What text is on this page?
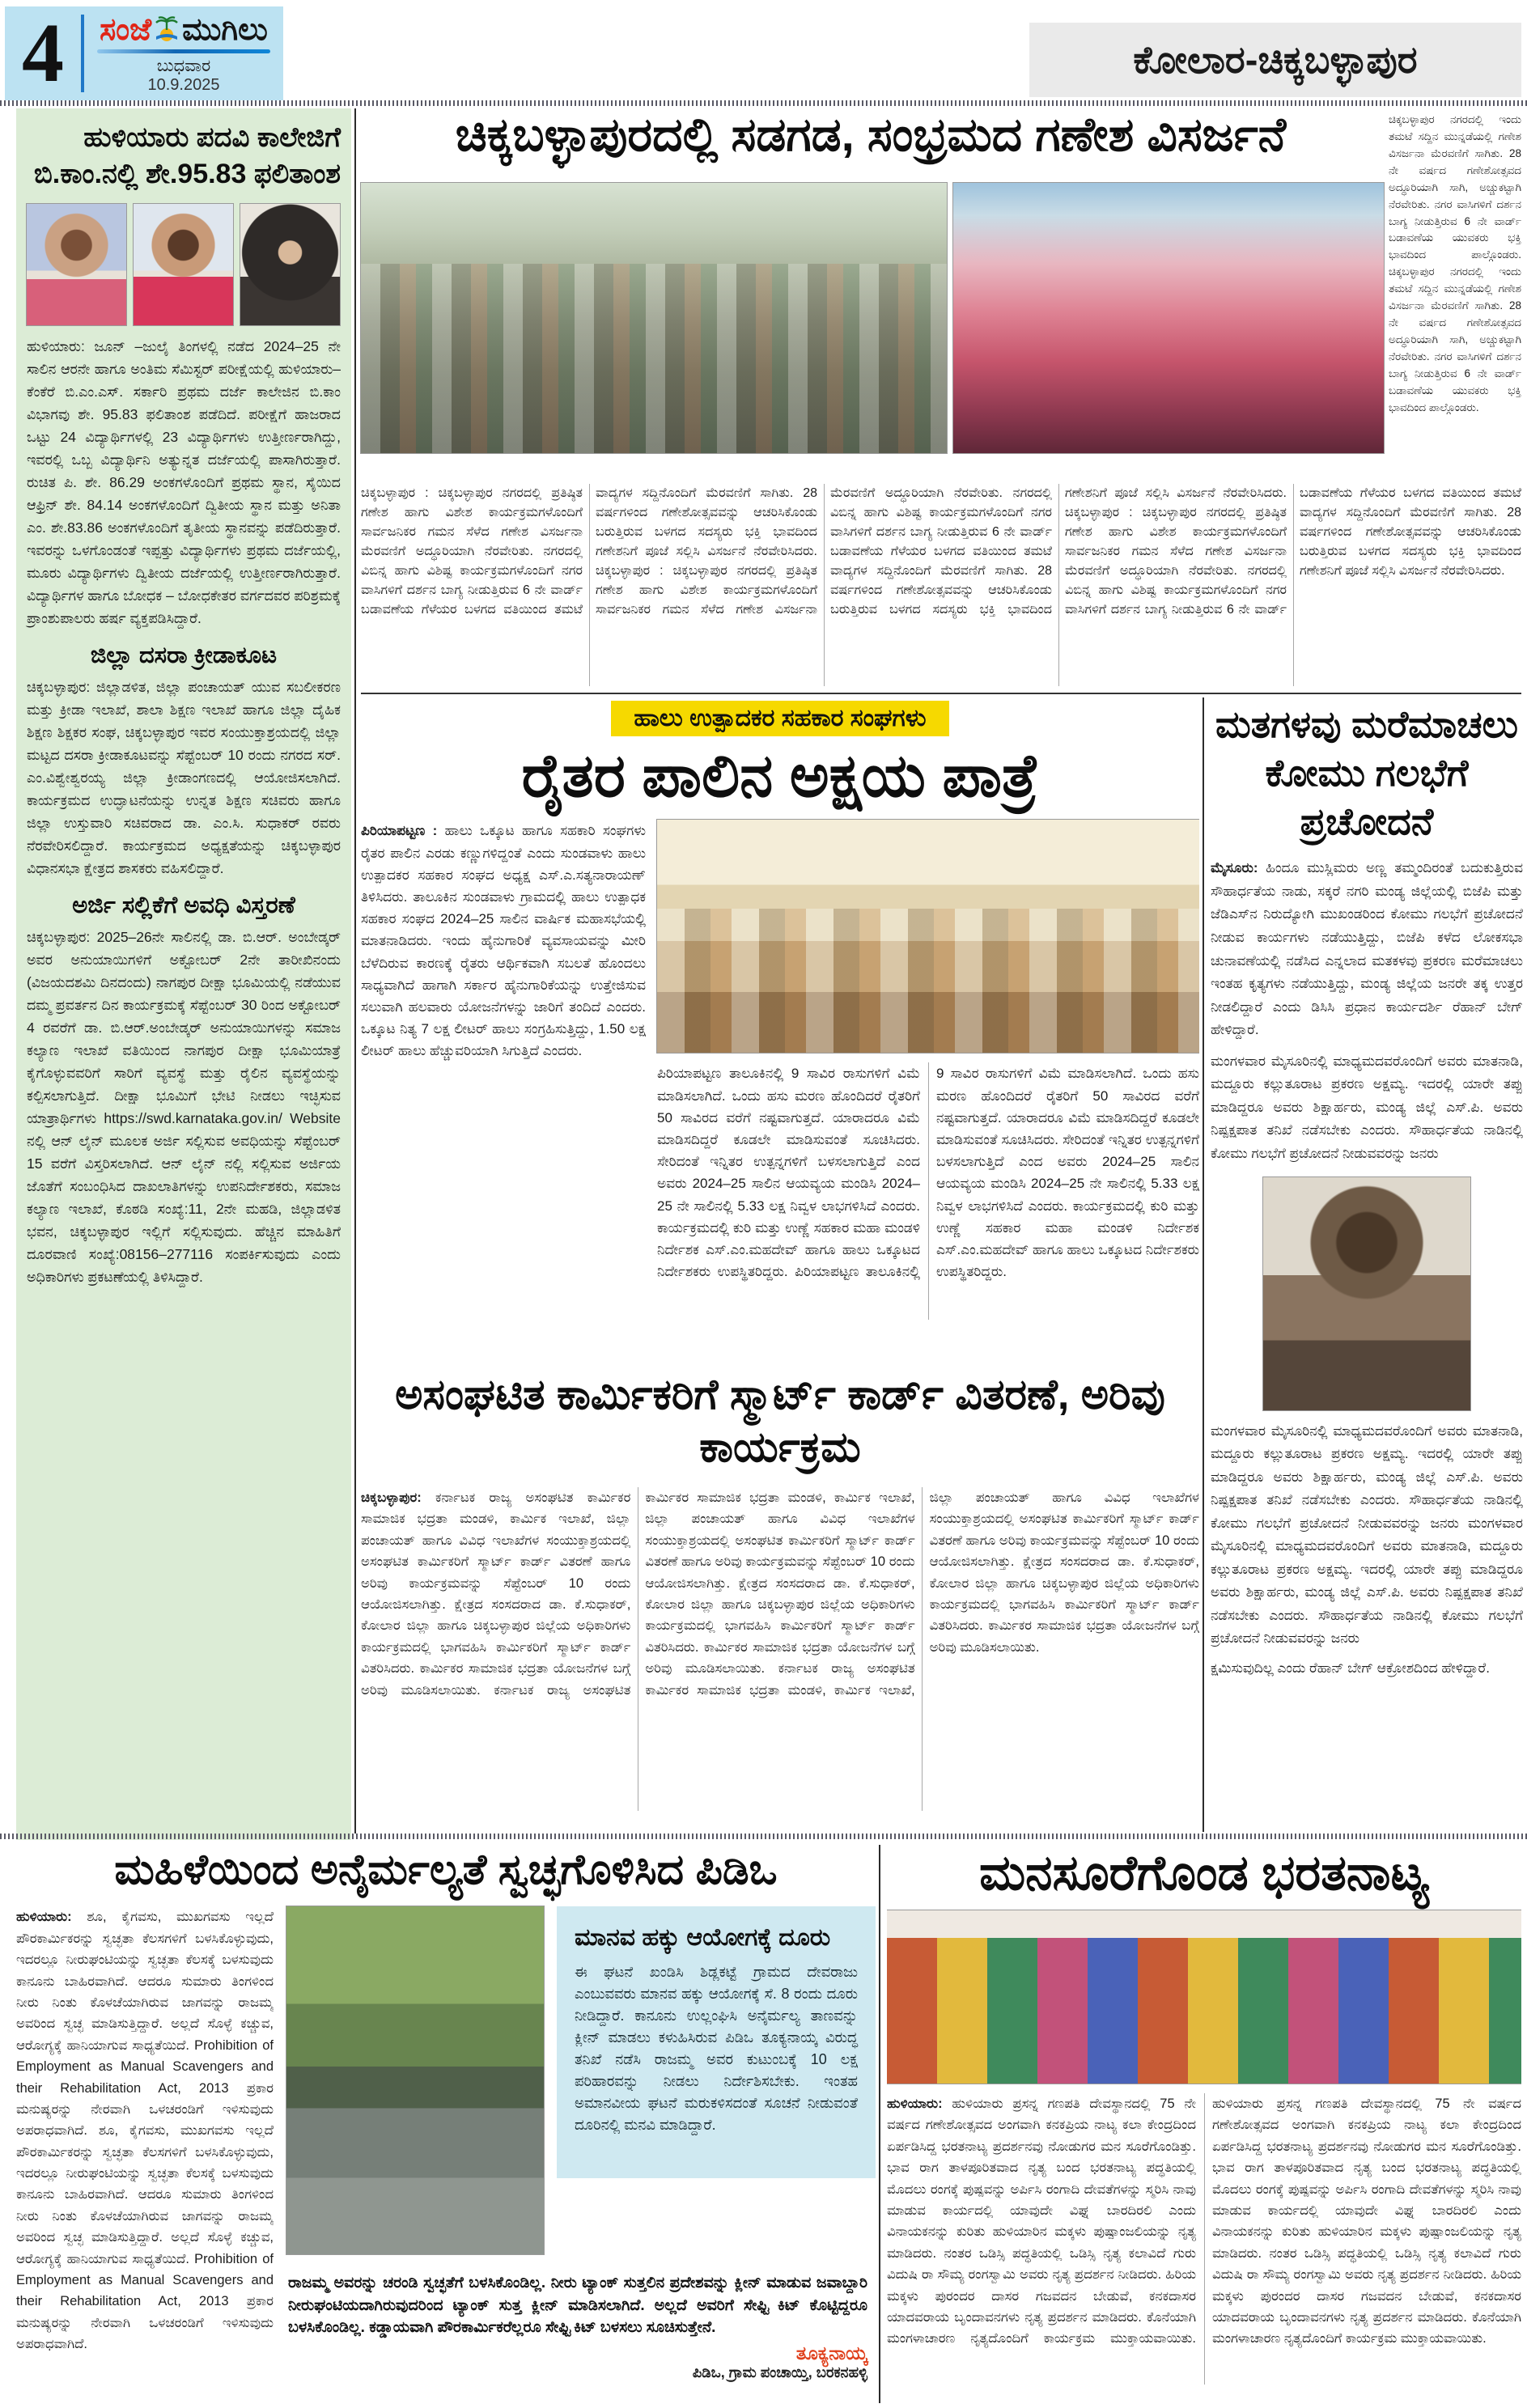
4 ಸಂಜೆ ಮುಗಿಲು
ಬುಧವಾರ
10.9.2025
ಕೋಲಾರ-ಚಿಕ್ಕಬಳ್ಳಾಪುರ
ಹುಳಿಯಾರು ಪದವಿ ಕಾಲೇಜಿಗೆ ಬಿ.ಕಾಂ.ನಲ್ಲಿ ಶೇ.95.83 ಫಲಿತಾಂಶ

ಹುಳಿಯಾರು: ಜೂನ್ –ಜುಲೈ ತಿಂಗಳಲ್ಲಿ ನಡೆದ 2024–25 ನೇ ಸಾಲಿನ ಆರನೇ ಹಾಗೂ ಅಂತಿಮ ಸೆಮಿಸ್ಟರ್ ಪರೀಕ್ಷೆಯಲ್ಲಿ ಹುಳಿಯಾರು–ಕೆಂಕೆರೆ ಬಿ.ಎಂ.ಎಸ್. ಸರ್ಕಾರಿ ಪ್ರಥಮ ದರ್ಜೆ ಕಾಲೇಜಿನ ಬಿ.ಕಾಂ ವಿಭಾಗವು ಶೇ. 95.83 ಫಲಿತಾಂಶ ಪಡೆದಿದೆ. ಪರೀಕ್ಷೆಗೆ ಹಾಜರಾದ ಒಟ್ಟು 24 ವಿದ್ಯಾರ್ಥಿಗಳಲ್ಲಿ 23 ವಿದ್ಯಾರ್ಥಿಗಳು ಉತ್ತೀರ್ಣರಾಗಿದ್ದು, ಇವರಲ್ಲಿ ಒಬ್ಬ ವಿದ್ಯಾರ್ಥಿನಿ ಅತ್ಯುನ್ನತ ದರ್ಜೆಯಲ್ಲಿ ಪಾಸಾಗಿರುತ್ತಾರೆ. ರುಚಿತ ಪಿ. ಶೇ. 86.29 ಅಂಕಗಳೊಂದಿಗೆ ಪ್ರಥಮ ಸ್ಥಾನ, ಸೈಯಿದ ಆಫ್ರಿನ್ ಶೇ. 84.14 ಅಂಕಗಳೊಂದಿಗೆ ದ್ವಿತೀಯ ಸ್ಥಾನ ಮತ್ತು ಅನಿತಾ ಎಂ. ಶೇ.83.86 ಅಂಕಗಳೊಂದಿಗೆ ತೃತೀಯ ಸ್ಥಾನವನ್ನು ಪಡೆದಿರುತ್ತಾರೆ. ಇವರನ್ನು ಒಳಗೊಂಡಂತೆ ಇಪ್ಪತ್ತು ವಿದ್ಯಾರ್ಥಿಗಳು ಪ್ರಥಮ ದರ್ಜೆಯಲ್ಲಿ, ಮೂರು ವಿದ್ಯಾರ್ಥಿಗಳು ದ್ವಿತೀಯ ದರ್ಜೆಯಲ್ಲಿ ಉತ್ತೀರ್ಣರಾಗಿರುತ್ತಾರೆ. ವಿದ್ಯಾರ್ಥಿಗಳ ಹಾಗೂ ಬೋಧಕ – ಬೋಧಕೇತರ ವರ್ಗದವರ ಪರಿಶ್ರಮಕ್ಕೆ ಪ್ರಾಂಶುಪಾಲರು ಹರ್ಷ ವ್ಯಕ್ತಪಡಿಸಿದ್ದಾರೆ.

ಜಿಲ್ಲಾ ದಸರಾ ಕ್ರೀಡಾಕೂಟ

ಚಿಕ್ಕಬಳ್ಳಾಪುರ: ಜಿಲ್ಲಾಡಳಿತ, ಜಿಲ್ಲಾ ಪಂಚಾಯತ್ ಯುವ ಸಬಲೀಕರಣ ಮತ್ತು ಕ್ರೀಡಾ ಇಲಾಖೆ, ಶಾಲಾ ಶಿಕ್ಷಣ ಇಲಾಖೆ ಹಾಗೂ ಜಿಲ್ಲಾ ದೈಹಿಕ ಶಿಕ್ಷಣ ಶಿಕ್ಷಕರ ಸಂಘ, ಚಿಕ್ಕಬಳ್ಳಾಪುರ ಇವರ ಸಂಯುಕ್ತಾಶ್ರಯದಲ್ಲಿ ಜಿಲ್ಲಾ ಮಟ್ಟದ ದಸರಾ ಕ್ರೀಡಾಕೂಟವನ್ನು ಸೆಪ್ಟೆಂಬರ್ 10 ರಂದು ನಗರದ ಸರ್. ಎಂ.ವಿಶ್ವೇಶ್ವರಯ್ಯ ಜಿಲ್ಲಾ ಕ್ರೀಡಾಂಗಣದಲ್ಲಿ ಆಯೋಜಿಸಲಾಗಿದೆ. ಕಾರ್ಯಕ್ರಮದ ಉದ್ಘಾಟನೆಯನ್ನು ಉನ್ನತ ಶಿಕ್ಷಣ ಸಚಿವರು ಹಾಗೂ ಜಿಲ್ಲಾ ಉಸ್ತುವಾರಿ ಸಚಿವರಾದ ಡಾ. ಎಂ.ಸಿ. ಸುಧಾಕರ್ ರವರು ನೆರವೇರಿಸಲಿದ್ದಾರೆ. ಕಾರ್ಯಕ್ರಮದ ಅಧ್ಯಕ್ಷತೆಯನ್ನು ಚಿಕ್ಕಬಳ್ಳಾಪುರ ವಿಧಾನಸಭಾ ಕ್ಷೇತ್ರದ ಶಾಸಕರು ವಹಿಸಲಿದ್ದಾರೆ.

ಅರ್ಜಿ ಸಲ್ಲಿಕೆಗೆ ಅವಧಿ ವಿಸ್ತರಣೆ

ಚಿಕ್ಕಬಳ್ಳಾಪುರ: 2025–26ನೇ ಸಾಲಿನಲ್ಲಿ ಡಾ. ಬಿ.ಆರ್. ಅಂಬೇಡ್ಕರ್ ಅವರ ಅನುಯಾಯಿಗಳಿಗೆ ಅಕ್ಟೋಬರ್ 2ನೇ ತಾರೀಖಿನಂದು (ವಿಜಯದಶಮಿ ದಿನದಂದು) ನಾಗಪುರ ದೀಕ್ಷಾ ಭೂಮಿಯಲ್ಲಿ ನಡೆಯುವ ದಮ್ಮ ಪ್ರವರ್ತನ ದಿನ ಕಾರ್ಯಕ್ರಮಕ್ಕೆ ಸೆಪ್ಟೆಂಬರ್ 30 ರಿಂದ ಅಕ್ಟೋಬರ್ 4 ರವರೆಗೆ ಡಾ. ಬಿ.ಆರ್.ಅಂಬೇಡ್ಕರ್ ಅನುಯಾಯಿಗಳನ್ನು ಸಮಾಜ ಕಲ್ಯಾಣ ಇಲಾಖೆ ವತಿಯಿಂದ ನಾಗಪುರ ದೀಕ್ಷಾ ಭೂಮಿಯಾತ್ರೆ ಕೈಗೊಳ್ಳುವವರಿಗೆ ಸಾರಿಗೆ ವ್ಯವಸ್ಥೆ ಮತ್ತು ರೈಲಿನ ವ್ಯವಸ್ಥೆಯನ್ನು ಕಲ್ಪಿಸಲಾಗುತ್ತಿದೆ. ದೀಕ್ಷಾ ಭೂಮಿಗೆ ಭೇಟಿ ನೀಡಲು ಇಚ್ಛಿಸುವ ಯಾತ್ರಾರ್ಥಿಗಳು https://swd.karnataka.gov.in/ Website ನಲ್ಲಿ ಆನ್ ಲೈನ್ ಮೂಲಕ ಅರ್ಜಿ ಸಲ್ಲಿಸುವ ಅವಧಿಯನ್ನು ಸೆಪ್ಟೆಂಬರ್ 15 ವರೆಗೆ ವಿಸ್ತರಿಸಲಾಗಿದೆ. ಆನ್ ಲೈನ್ ನಲ್ಲಿ ಸಲ್ಲಿಸುವ ಅರ್ಜಿಯ ಜೊತೆಗೆ ಸಂಬಂಧಿಸಿದ ದಾಖಲಾತಿಗಳನ್ನು ಉಪನಿರ್ದೇಶಕರು, ಸಮಾಜ ಕಲ್ಯಾಣ ಇಲಾಖೆ, ಕೊಠಡಿ ಸಂಖ್ಯೆ:11, 2ನೇ ಮಹಡಿ, ಜಿಲ್ಲಾಡಳಿತ ಭವನ, ಚಿಕ್ಕಬಳ್ಳಾಪುರ ಇಲ್ಲಿಗೆ ಸಲ್ಲಿಸುವುದು. ಹೆಚ್ಚಿನ ಮಾಹಿತಿಗೆ ದೂರವಾಣಿ ಸಂಖ್ಯೆ:08156–277116 ಸಂಪರ್ಕಿಸುವುದು ಎಂದು ಅಧಿಕಾರಿಗಳು ಪ್ರಕಟಣೆಯಲ್ಲಿ ತಿಳಿಸಿದ್ದಾರೆ.

ಚಿಕ್ಕಬಳ್ಳಾಪುರದಲ್ಲಿ ಸಡಗಡ, ಸಂಭ್ರಮದ ಗಣೇಶ ವಿಸರ್ಜನೆ	ಚಿಕ್ಕಬಳ್ಳಾಪುರ ನಗರದಲ್ಲಿ ಇಂದು ತಮಟೆ ಸದ್ದಿನ ಮುನ್ನಡೆಯಲ್ಲಿ ಗಣೇಶ ವಿಸರ್ಜನಾ ಮೆರವಣಿಗೆ ಸಾಗಿತು. 28 ನೇ ವರ್ಷದ ಗಣೇಶೋತ್ಸವದ ಅದ್ಧೂರಿಯಾಗಿ ಸಾಗಿ, ಅಚ್ಚುಕಟ್ಟಾಗಿ ನೆರವೇರಿತು. ನಗರ ವಾಸಿಗಳಿಗೆ ದರ್ಶನ ಬಾಗ್ಯ ನೀಡುತ್ತಿರುವ 6 ನೇ ವಾರ್ಡ್ ಬಡಾವಣೆಯ ಯುವಕರು ಭಕ್ತಿ ಭಾವದಿಂದ ಪಾಲ್ಗೊಂಡರು. ಚಿಕ್ಕಬಳ್ಳಾಪುರ ನಗರದಲ್ಲಿ ಇಂದು ತಮಟೆ ಸದ್ದಿನ ಮುನ್ನಡೆಯಲ್ಲಿ ಗಣೇಶ ವಿಸರ್ಜನಾ ಮೆರವಣಿಗೆ ಸಾಗಿತು. 28 ನೇ ವರ್ಷದ ಗಣೇಶೋತ್ಸವದ ಅದ್ಧೂರಿಯಾಗಿ ಸಾಗಿ, ಅಚ್ಚುಕಟ್ಟಾಗಿ ನೆರವೇರಿತು. ನಗರ ವಾಸಿಗಳಿಗೆ ದರ್ಶನ ಬಾಗ್ಯ ನೀಡುತ್ತಿರುವ 6 ನೇ ವಾರ್ಡ್ ಬಡಾವಣೆಯ ಯುವಕರು ಭಕ್ತಿ ಭಾವದಿಂದ ಪಾಲ್ಗೊಂಡರು.
ಚಿಕ್ಕಬಳ್ಳಾಪುರ : ಚಿಕ್ಕಬಳ್ಳಾಪುರ ನಗರದಲ್ಲಿ ಪ್ರತಿಷ್ಠಿತ ಗಣೇಶ ಹಾಗು ವಿಶೇಶ ಕಾರ್ಯಕ್ರಮಗಳೊಂದಿಗೆ ಸಾರ್ವಜನಿಕರ ಗಮನ ಸೆಳೆದ ಗಣೇಶ ವಿಸರ್ಜನಾ ಮೆರವಣಿಗೆ ಅದ್ಧೂರಿಯಾಗಿ ನೆರವೇರಿತು. ನಗರದಲ್ಲಿ ವಿಬಿನ್ನ ಹಾಗು ವಿಶಿಷ್ಟ ಕಾರ್ಯಕ್ರಮಗಳೊಂದಿಗೆ ನಗರ ವಾಸಿಗಳಿಗೆ ದರ್ಶನ ಬಾಗ್ಯ ನೀಡುತ್ತಿರುವ 6 ನೇ ವಾರ್ಡ್ ಬಡಾವಣೆಯ ಗೆಳೆಯರ ಬಳಗದ ವತಿಯಿಂದ ತಮಟೆ ವಾದ್ಯಗಳ ಸದ್ದಿನೊಂದಿಗೆ ಮೆರವಣಿಗೆ ಸಾಗಿತು. 28 ವರ್ಷಗಳಿಂದ ಗಣೇಶೋತ್ಸವವನ್ನು ಆಚರಿಸಿಕೊಂಡು ಬರುತ್ತಿರುವ ಬಳಗದ ಸದಸ್ಯರು ಭಕ್ತಿ ಭಾವದಿಂದ ಗಣೇಶನಿಗೆ ಪೂಜೆ ಸಲ್ಲಿಸಿ ವಿಸರ್ಜನೆ ನೆರವೇರಿಸಿದರು. ಚಿಕ್ಕಬಳ್ಳಾಪುರ : ಚಿಕ್ಕಬಳ್ಳಾಪುರ ನಗರದಲ್ಲಿ ಪ್ರತಿಷ್ಠಿತ ಗಣೇಶ ಹಾಗು ವಿಶೇಶ ಕಾರ್ಯಕ್ರಮಗಳೊಂದಿಗೆ ಸಾರ್ವಜನಿಕರ ಗಮನ ಸೆಳೆದ ಗಣೇಶ ವಿಸರ್ಜನಾ ಮೆರವಣಿಗೆ ಅದ್ಧೂರಿಯಾಗಿ ನೆರವೇರಿತು. ನಗರದಲ್ಲಿ ವಿಬಿನ್ನ ಹಾಗು ವಿಶಿಷ್ಟ ಕಾರ್ಯಕ್ರಮಗಳೊಂದಿಗೆ ನಗರ ವಾಸಿಗಳಿಗೆ ದರ್ಶನ ಬಾಗ್ಯ ನೀಡುತ್ತಿರುವ 6 ನೇ ವಾರ್ಡ್ ಬಡಾವಣೆಯ ಗೆಳೆಯರ ಬಳಗದ ವತಿಯಿಂದ ತಮಟೆ ವಾದ್ಯಗಳ ಸದ್ದಿನೊಂದಿಗೆ ಮೆರವಣಿಗೆ ಸಾಗಿತು. 28 ವರ್ಷಗಳಿಂದ ಗಣೇಶೋತ್ಸವವನ್ನು ಆಚರಿಸಿಕೊಂಡು ಬರುತ್ತಿರುವ ಬಳಗದ ಸದಸ್ಯರು ಭಕ್ತಿ ಭಾವದಿಂದ ಗಣೇಶನಿಗೆ ಪೂಜೆ ಸಲ್ಲಿಸಿ ವಿಸರ್ಜನೆ ನೆರವೇರಿಸಿದರು. ಚಿಕ್ಕಬಳ್ಳಾಪುರ : ಚಿಕ್ಕಬಳ್ಳಾಪುರ ನಗರದಲ್ಲಿ ಪ್ರತಿಷ್ಠಿತ ಗಣೇಶ ಹಾಗು ವಿಶೇಶ ಕಾರ್ಯಕ್ರಮಗಳೊಂದಿಗೆ ಸಾರ್ವಜನಿಕರ ಗಮನ ಸೆಳೆದ ಗಣೇಶ ವಿಸರ್ಜನಾ ಮೆರವಣಿಗೆ ಅದ್ಧೂರಿಯಾಗಿ ನೆರವೇರಿತು. ನಗರದಲ್ಲಿ ವಿಬಿನ್ನ ಹಾಗು ವಿಶಿಷ್ಟ ಕಾರ್ಯಕ್ರಮಗಳೊಂದಿಗೆ ನಗರ ವಾಸಿಗಳಿಗೆ ದರ್ಶನ ಬಾಗ್ಯ ನೀಡುತ್ತಿರುವ 6 ನೇ ವಾರ್ಡ್ ಬಡಾವಣೆಯ ಗೆಳೆಯರ ಬಳಗದ ವತಿಯಿಂದ ತಮಟೆ ವಾದ್ಯಗಳ ಸದ್ದಿನೊಂದಿಗೆ ಮೆರವಣಿಗೆ ಸಾಗಿತು. 28 ವರ್ಷಗಳಿಂದ ಗಣೇಶೋತ್ಸವವನ್ನು ಆಚರಿಸಿಕೊಂಡು ಬರುತ್ತಿರುವ ಬಳಗದ ಸದಸ್ಯರು ಭಕ್ತಿ ಭಾವದಿಂದ ಗಣೇಶನಿಗೆ ಪೂಜೆ ಸಲ್ಲಿಸಿ ವಿಸರ್ಜನೆ ನೆರವೇರಿಸಿದರು.
ಹಾಲು ಉತ್ಪಾದಕರ ಸಹಕಾರ ಸಂಘಗಳು
ರೈತರ ಪಾಲಿನ ಅಕ್ಷಯ ಪಾತ್ರೆ

ಪಿರಿಯಾಪಟ್ಟಣ : ಹಾಲು ಒಕ್ಕೂಟ ಹಾಗೂ ಸಹಕಾರಿ ಸಂಘಗಳು ರೈತರ ಪಾಲಿನ ಎರಡು ಕಣ್ಣುಗಳಿದ್ದಂತೆ ಎಂದು ಸುಂಡವಾಳು ಹಾಲು ಉತ್ಪಾದಕರ ಸಹಕಾರ ಸಂಘದ ಅಧ್ಯಕ್ಷ ಎಸ್.ಎ.ಸತ್ಯನಾರಾಯಣ್ ತಿಳಿಸಿದರು. ತಾಲೂಕಿನ ಸುಂಡವಾಳು ಗ್ರಾಮದಲ್ಲಿ ಹಾಲು ಉತ್ಪಾಧಕ ಸಹಕಾರ ಸಂಘದ 2024–25 ಸಾಲಿನ ವಾರ್ಷಿಕ ಮಹಾಸಭೆಯಲ್ಲಿ ಮಾತನಾಡಿದರು. ಇಂದು ಹೈನುಗಾರಿಕೆ ವ್ಯವಸಾಯವನ್ನು ಮೀರಿ ಬೆಳೆದಿರುವ ಕಾರಣಕ್ಕೆ ರೈತರು ಆರ್ಥಿಕವಾಗಿ ಸಬಲತೆ ಹೊಂದಲು ಸಾಧ್ಯವಾಗಿದೆ ಹಾಗಾಗಿ ಸರ್ಕಾರ ಹೈನುಗಾರಿಕೆಯನ್ನು ಉತ್ತೇಜಿಸುವ ಸಲುವಾಗಿ ಹಲವಾರು ಯೋಜನೆಗಳನ್ನು ಜಾರಿಗೆ ತಂದಿದೆ ಎಂದರು. ಒಕ್ಕೂಟ ನಿತ್ಯ 7 ಲಕ್ಷ ಲೀಟರ್ ಹಾಲು ಸಂಗ್ರಹಿಸುತ್ತಿದ್ದು, 1.50 ಲಕ್ಷ ಲೀಟರ್ ಹಾಲು ಹೆಚ್ಚುವರಿಯಾಗಿ ಸಿಗುತ್ತಿದೆ ಎಂದರು.

ಪಿರಿಯಾಪಟ್ಟಣ ತಾಲೂಕಿನಲ್ಲಿ 9 ಸಾವಿರ ರಾಸುಗಳಿಗೆ ವಿಮೆ ಮಾಡಿಸಲಾಗಿದೆ. ಒಂದು ಹಸು ಮರಣ ಹೊಂದಿದರೆ ರೈತರಿಗೆ 50 ಸಾವಿರದ ವರೆಗೆ ನಷ್ಟವಾಗುತ್ತದೆ. ಯಾರಾದರೂ ವಿಮೆ ಮಾಡಿಸದಿದ್ದರೆ ಕೂಡಲೇ ಮಾಡಿಸುವಂತೆ ಸೂಚಿಸಿದರು. ಸೇರಿದಂತೆ ಇನ್ನಿತರ ಉತ್ಪನ್ನಗಳಿಗೆ ಬಳಸಲಾಗುತ್ತಿದೆ ಎಂದ ಅವರು 2024–25 ಸಾಲಿನ ಆಯವ್ಯಯ ಮಂಡಿಸಿ 2024–25 ನೇ ಸಾಲಿನಲ್ಲಿ 5.33 ಲಕ್ಷ ನಿವ್ವಳ ಲಾಭಗಳಿಸಿದೆ ಎಂದರು. ಕಾರ್ಯಕ್ರಮದಲ್ಲಿ ಕುರಿ ಮತ್ತು ಉಣ್ಣೆ ಸಹಕಾರ ಮಹಾ ಮಂಡಳಿ ನಿರ್ದೇಶಕ ಎಸ್.ಎಂ.ಮಹದೇವ್ ಹಾಗೂ ಹಾಲು ಒಕ್ಕೂಟದ ನಿರ್ದೇಶಕರು ಉಪಸ್ಥಿತರಿದ್ದರು. ಪಿರಿಯಾಪಟ್ಟಣ ತಾಲೂಕಿನಲ್ಲಿ 9 ಸಾವಿರ ರಾಸುಗಳಿಗೆ ವಿಮೆ ಮಾಡಿಸಲಾಗಿದೆ. ಒಂದು ಹಸು ಮರಣ ಹೊಂದಿದರೆ ರೈತರಿಗೆ 50 ಸಾವಿರದ ವರೆಗೆ ನಷ್ಟವಾಗುತ್ತದೆ. ಯಾರಾದರೂ ವಿಮೆ ಮಾಡಿಸದಿದ್ದರೆ ಕೂಡಲೇ ಮಾಡಿಸುವಂತೆ ಸೂಚಿಸಿದರು. ಸೇರಿದಂತೆ ಇನ್ನಿತರ ಉತ್ಪನ್ನಗಳಿಗೆ ಬಳಸಲಾಗುತ್ತಿದೆ ಎಂದ ಅವರು 2024–25 ಸಾಲಿನ ಆಯವ್ಯಯ ಮಂಡಿಸಿ 2024–25 ನೇ ಸಾಲಿನಲ್ಲಿ 5.33 ಲಕ್ಷ ನಿವ್ವಳ ಲಾಭಗಳಿಸಿದೆ ಎಂದರು. ಕಾರ್ಯಕ್ರಮದಲ್ಲಿ ಕುರಿ ಮತ್ತು ಉಣ್ಣೆ ಸಹಕಾರ ಮಹಾ ಮಂಡಳಿ ನಿರ್ದೇಶಕ ಎಸ್.ಎಂ.ಮಹದೇವ್ ಹಾಗೂ ಹಾಲು ಒಕ್ಕೂಟದ ನಿರ್ದೇಶಕರು ಉಪಸ್ಥಿತರಿದ್ದರು.
ಮತಗಳವು ಮರೆಮಾಚಲು ಕೋಮು ಗಲಭೆಗೆ ಪ್ರಚೋದನೆ

ಮೈಸೂರು: ಹಿಂದೂ ಮುಸ್ಲಿಮರು ಅಣ್ಣ ತಮ್ಮಂದಿರಂತೆ ಬದುಕುತ್ತಿರುವ ಸೌಹಾರ್ಧತೆಯ ನಾಡು, ಸಕ್ಕರೆ ನಗರಿ ಮಂಡ್ಯ ಜಿಲ್ಲೆಯಲ್ಲಿ ಬಿಜೆಪಿ ಮತ್ತು ಜೆಡಿಎಸ್‌ನ ನಿರುದ್ಯೋಗಿ ಮುಖಂಡರಿಂದ ಕೋಮು ಗಲಭೆಗೆ ಪ್ರಚೋದನೆ ನೀಡುವ ಕಾರ್ಯಗಳು ನಡೆಯುತ್ತಿದ್ದು, ಬಿಜೆಪಿ ಕಳೆದ ಲೋಕಸಭಾ ಚುನಾವಣೆಯಲ್ಲಿ ನಡೆಸಿದ ಎನ್ನಲಾದ ಮತಕಳವು ಪ್ರಕರಣ ಮರೆಮಾಚಲು ಇಂತಹ ಕೃತ್ಯಗಳು ನಡೆಯುತ್ತಿದ್ದು, ಮಂಡ್ಯ ಜಿಲ್ಲೆಯ ಜನರೇ ತಕ್ಕ ಉತ್ತರ ನೀಡಲಿದ್ದಾರೆ ಎಂದು ಡಿಸಿಸಿ ಪ್ರಧಾನ ಕಾರ್ಯದರ್ಶಿ ರೆಹಾನ್ ಬೇಗ್ ಹೇಳಿದ್ದಾರೆ.

ಮಂಗಳವಾರ ಮೈಸೂರಿನಲ್ಲಿ ಮಾಧ್ಯಮದವರೊಂದಿಗೆ ಅವರು ಮಾತನಾಡಿ, ಮದ್ದೂರು ಕಲ್ಲುತೂರಾಟ ಪ್ರಕರಣ ಅಕ್ಷಮ್ಯ. ಇದರಲ್ಲಿ ಯಾರೇ ತಪ್ಪು ಮಾಡಿದ್ದರೂ ಅವರು ಶಿಕ್ಷಾರ್ಹರು, ಮಂಡ್ಯ ಜಿಲ್ಲೆ ಎಸ್.ಪಿ. ಅವರು ನಿಷ್ಪಕ್ಷಪಾತ ತನಿಖೆ ನಡೆಸಬೇಕು ಎಂದರು. ಸೌಹಾರ್ಧತೆಯ ನಾಡಿನಲ್ಲಿ ಕೋಮು ಗಲಭೆಗೆ ಪ್ರಚೋದನೆ ನೀಡುವವರನ್ನು ಜನರು

ಮಂಗಳವಾರ ಮೈಸೂರಿನಲ್ಲಿ ಮಾಧ್ಯಮದವರೊಂದಿಗೆ ಅವರು ಮಾತನಾಡಿ, ಮದ್ದೂರು ಕಲ್ಲುತೂರಾಟ ಪ್ರಕರಣ ಅಕ್ಷಮ್ಯ. ಇದರಲ್ಲಿ ಯಾರೇ ತಪ್ಪು ಮಾಡಿದ್ದರೂ ಅವರು ಶಿಕ್ಷಾರ್ಹರು, ಮಂಡ್ಯ ಜಿಲ್ಲೆ ಎಸ್.ಪಿ. ಅವರು ನಿಷ್ಪಕ್ಷಪಾತ ತನಿಖೆ ನಡೆಸಬೇಕು ಎಂದರು. ಸೌಹಾರ್ಧತೆಯ ನಾಡಿನಲ್ಲಿ ಕೋಮು ಗಲಭೆಗೆ ಪ್ರಚೋದನೆ ನೀಡುವವರನ್ನು ಜನರು ಮಂಗಳವಾರ ಮೈಸೂರಿನಲ್ಲಿ ಮಾಧ್ಯಮದವರೊಂದಿಗೆ ಅವರು ಮಾತನಾಡಿ, ಮದ್ದೂರು ಕಲ್ಲುತೂರಾಟ ಪ್ರಕರಣ ಅಕ್ಷಮ್ಯ. ಇದರಲ್ಲಿ ಯಾರೇ ತಪ್ಪು ಮಾಡಿದ್ದರೂ ಅವರು ಶಿಕ್ಷಾರ್ಹರು, ಮಂಡ್ಯ ಜಿಲ್ಲೆ ಎಸ್.ಪಿ. ಅವರು ನಿಷ್ಪಕ್ಷಪಾತ ತನಿಖೆ ನಡೆಸಬೇಕು ಎಂದರು. ಸೌಹಾರ್ಧತೆಯ ನಾಡಿನಲ್ಲಿ ಕೋಮು ಗಲಭೆಗೆ ಪ್ರಚೋದನೆ ನೀಡುವವರನ್ನು ಜನರು

ಕ್ಷಮಿಸುವುದಿಲ್ಲ ಎಂದು ರೆಹಾನ್ ಬೇಗ್ ಆಕ್ರೋಶದಿಂದ ಹೇಳಿದ್ದಾರೆ.

ಅಸಂಘಟಿತ ಕಾರ್ಮಿಕರಿಗೆ ಸ್ಮಾರ್ಟ್ ಕಾರ್ಡ್ ವಿತರಣೆ, ಅರಿವು ಕಾರ್ಯಕ್ರಮ
ಚಿಕ್ಕಬಳ್ಳಾಪುರ: ಕರ್ನಾಟಕ ರಾಜ್ಯ ಅಸಂಘಟಿತ ಕಾರ್ಮಿಕರ ಸಾಮಾಜಿಕ ಭದ್ರತಾ ಮಂಡಳಿ, ಕಾರ್ಮಿಕ ಇಲಾಖೆ, ಜಿಲ್ಲಾ ಪಂಚಾಯತ್ ಹಾಗೂ ವಿವಿಧ ಇಲಾಖೆಗಳ ಸಂಯುಕ್ತಾಶ್ರಯದಲ್ಲಿ ಅಸಂಘಟಿತ ಕಾರ್ಮಿಕರಿಗೆ ಸ್ಮಾರ್ಟ್ ಕಾರ್ಡ್ ವಿತರಣೆ ಹಾಗೂ ಅರಿವು ಕಾರ್ಯಕ್ರಮವನ್ನು ಸೆಪ್ಟೆಂಬರ್ 10 ರಂದು ಆಯೋಜಿಸಲಾಗಿತ್ತು. ಕ್ಷೇತ್ರದ ಸಂಸದರಾದ ಡಾ. ಕೆ.ಸುಧಾಕರ್, ಕೋಲಾರ ಜಿಲ್ಲಾ ಹಾಗೂ ಚಿಕ್ಕಬಳ್ಳಾಪುರ ಜಿಲ್ಲೆಯ ಅಧಿಕಾರಿಗಳು ಕಾರ್ಯಕ್ರಮದಲ್ಲಿ ಭಾಗವಹಿಸಿ ಕಾರ್ಮಿಕರಿಗೆ ಸ್ಮಾರ್ಟ್ ಕಾರ್ಡ್ ವಿತರಿಸಿದರು. ಕಾರ್ಮಿಕರ ಸಾಮಾಜಿಕ ಭದ್ರತಾ ಯೋಜನೆಗಳ ಬಗ್ಗೆ ಅರಿವು ಮೂಡಿಸಲಾಯಿತು. ಕರ್ನಾಟಕ ರಾಜ್ಯ ಅಸಂಘಟಿತ ಕಾರ್ಮಿಕರ ಸಾಮಾಜಿಕ ಭದ್ರತಾ ಮಂಡಳಿ, ಕಾರ್ಮಿಕ ಇಲಾಖೆ, ಜಿಲ್ಲಾ ಪಂಚಾಯತ್ ಹಾಗೂ ವಿವಿಧ ಇಲಾಖೆಗಳ ಸಂಯುಕ್ತಾಶ್ರಯದಲ್ಲಿ ಅಸಂಘಟಿತ ಕಾರ್ಮಿಕರಿಗೆ ಸ್ಮಾರ್ಟ್ ಕಾರ್ಡ್ ವಿತರಣೆ ಹಾಗೂ ಅರಿವು ಕಾರ್ಯಕ್ರಮವನ್ನು ಸೆಪ್ಟೆಂಬರ್ 10 ರಂದು ಆಯೋಜಿಸಲಾಗಿತ್ತು. ಕ್ಷೇತ್ರದ ಸಂಸದರಾದ ಡಾ. ಕೆ.ಸುಧಾಕರ್, ಕೋಲಾರ ಜಿಲ್ಲಾ ಹಾಗೂ ಚಿಕ್ಕಬಳ್ಳಾಪುರ ಜಿಲ್ಲೆಯ ಅಧಿಕಾರಿಗಳು ಕಾರ್ಯಕ್ರಮದಲ್ಲಿ ಭಾಗವಹಿಸಿ ಕಾರ್ಮಿಕರಿಗೆ ಸ್ಮಾರ್ಟ್ ಕಾರ್ಡ್ ವಿತರಿಸಿದರು. ಕಾರ್ಮಿಕರ ಸಾಮಾಜಿಕ ಭದ್ರತಾ ಯೋಜನೆಗಳ ಬಗ್ಗೆ ಅರಿವು ಮೂಡಿಸಲಾಯಿತು. ಕರ್ನಾಟಕ ರಾಜ್ಯ ಅಸಂಘಟಿತ ಕಾರ್ಮಿಕರ ಸಾಮಾಜಿಕ ಭದ್ರತಾ ಮಂಡಳಿ, ಕಾರ್ಮಿಕ ಇಲಾಖೆ, ಜಿಲ್ಲಾ ಪಂಚಾಯತ್ ಹಾಗೂ ವಿವಿಧ ಇಲಾಖೆಗಳ ಸಂಯುಕ್ತಾಶ್ರಯದಲ್ಲಿ ಅಸಂಘಟಿತ ಕಾರ್ಮಿಕರಿಗೆ ಸ್ಮಾರ್ಟ್ ಕಾರ್ಡ್ ವಿತರಣೆ ಹಾಗೂ ಅರಿವು ಕಾರ್ಯಕ್ರಮವನ್ನು ಸೆಪ್ಟೆಂಬರ್ 10 ರಂದು ಆಯೋಜಿಸಲಾಗಿತ್ತು. ಕ್ಷೇತ್ರದ ಸಂಸದರಾದ ಡಾ. ಕೆ.ಸುಧಾಕರ್, ಕೋಲಾರ ಜಿಲ್ಲಾ ಹಾಗೂ ಚಿಕ್ಕಬಳ್ಳಾಪುರ ಜಿಲ್ಲೆಯ ಅಧಿಕಾರಿಗಳು ಕಾರ್ಯಕ್ರಮದಲ್ಲಿ ಭಾಗವಹಿಸಿ ಕಾರ್ಮಿಕರಿಗೆ ಸ್ಮಾರ್ಟ್ ಕಾರ್ಡ್ ವಿತರಿಸಿದರು. ಕಾರ್ಮಿಕರ ಸಾಮಾಜಿಕ ಭದ್ರತಾ ಯೋಜನೆಗಳ ಬಗ್ಗೆ ಅರಿವು ಮೂಡಿಸಲಾಯಿತು.
ಮಹಿಳೆಯಿಂದ ಅನೈರ್ಮಲ್ಯತೆ ಸ್ವಚ್ಛಗೊಳಿಸಿದ ಪಿಡಿಒ

ಹುಳಿಯಾರು: ಶೂ, ಕೈಗವಸು, ಮುಖಗವಸು ಇಲ್ಲದೆ ಪೌರಕಾರ್ಮಿಕರನ್ನು ಸ್ವಚ್ಛತಾ ಕೆಲಸಗಳಿಗೆ ಬಳಸಿಕೊಳ್ಳುವುದು, ಇದರಲ್ಲೂ ನೀರುಘಂಟಿಯನ್ನು ಸ್ವಚ್ಛತಾ ಕೆಲಸಕ್ಕೆ ಬಳಸುವುದು ಕಾನೂನು ಬಾಹಿರವಾಗಿದೆ. ಆದರೂ ಸುಮಾರು ತಿಂಗಳಿಂದ ನೀರು ನಿಂತು ಕೊಳಚೆಯಾಗಿರುವ ಜಾಗವನ್ನು ರಾಜಮ್ಮ ಅವರಿಂದ ಸ್ವಚ್ಛ ಮಾಡಿಸುತ್ತಿದ್ದಾರೆ. ಅಲ್ಲದೆ ಸೊಳ್ಳೆ ಕಚ್ಚುವ, ಆರೋಗ್ಯಕ್ಕೆ ಹಾನಿಯಾಗುವ ಸಾಧ್ಯತೆಯಿದೆ. Prohibition of Employment as Manual Scavengers and their Rehabilitation Act, 2013 ಪ್ರಕಾರ ಮನುಷ್ಯರನ್ನು ನೇರವಾಗಿ ಒಳಚರಂಡಿಗೆ ಇಳಿಸುವುದು ಅಪರಾಧವಾಗಿದೆ. ಶೂ, ಕೈಗವಸು, ಮುಖಗವಸು ಇಲ್ಲದೆ ಪೌರಕಾರ್ಮಿಕರನ್ನು ಸ್ವಚ್ಛತಾ ಕೆಲಸಗಳಿಗೆ ಬಳಸಿಕೊಳ್ಳುವುದು, ಇದರಲ್ಲೂ ನೀರುಘಂಟಿಯನ್ನು ಸ್ವಚ್ಛತಾ ಕೆಲಸಕ್ಕೆ ಬಳಸುವುದು ಕಾನೂನು ಬಾಹಿರವಾಗಿದೆ. ಆದರೂ ಸುಮಾರು ತಿಂಗಳಿಂದ ನೀರು ನಿಂತು ಕೊಳಚೆಯಾಗಿರುವ ಜಾಗವನ್ನು ರಾಜಮ್ಮ ಅವರಿಂದ ಸ್ವಚ್ಛ ಮಾಡಿಸುತ್ತಿದ್ದಾರೆ. ಅಲ್ಲದೆ ಸೊಳ್ಳೆ ಕಚ್ಚುವ, ಆರೋಗ್ಯಕ್ಕೆ ಹಾನಿಯಾಗುವ ಸಾಧ್ಯತೆಯಿದೆ. Prohibition of Employment as Manual Scavengers and their Rehabilitation Act, 2013 ಪ್ರಕಾರ ಮನುಷ್ಯರನ್ನು ನೇರವಾಗಿ ಒಳಚರಂಡಿಗೆ ಇಳಿಸುವುದು ಅಪರಾಧವಾಗಿದೆ.

ಮಾನವ ಹಕ್ಕು ಆಯೋಗಕ್ಕೆ ದೂರು

ಈ ಘಟನೆ ಖಂಡಿಸಿ ಶಿಡ್ಲಕಟ್ಟೆ ಗ್ರಾಮದ ದೇವರಾಜು ಎಂಬುವವರು ಮಾನವ ಹಕ್ಕು ಆಯೋಗಕ್ಕೆ ಸೆ. 8 ರಂದು ದೂರು ನೀಡಿದ್ದಾರೆ. ಕಾನೂನು ಉಲ್ಲಂಘಿಸಿ ಅನೈರ್ಮಲ್ಯ ತಾಣವನ್ನು ಕ್ಲೀನ್ ಮಾಡಲು ಕಳುಹಿಸಿರುವ ಪಿಡಿಒ ತೂಕ್ಯನಾಯ್ಕ ವಿರುದ್ಧ ತನಿಖೆ ನಡೆಸಿ ರಾಜಮ್ಮ ಅವರ ಕುಟುಂಬಕ್ಕೆ 10 ಲಕ್ಷ ಪರಿಹಾರವನ್ನು ನೀಡಲು ನಿರ್ದೇಶಿಸಬೇಕು. ಇಂತಹ ಅಮಾನವೀಯ ಘಟನೆ ಮರುಕಳಿಸದಂತೆ ಸೂಚನೆ ನೀಡುವಂತೆ ದೂರಿನಲ್ಲಿ ಮನವಿ ಮಾಡಿದ್ದಾರೆ.

ರಾಜಮ್ಮ ಅವರನ್ನು ಚರಂಡಿ ಸ್ವಚ್ಛತೆಗೆ ಬಳಸಿಕೊಂಡಿಲ್ಲ. ನೀರು ಟ್ಯಾಂಕ್ ಸುತ್ತಲಿನ ಪ್ರದೇಶವನ್ನು ಕ್ಲೀನ್ ಮಾಡುವ ಜವಾಬ್ದಾರಿ ನೀರುಘಂಟಿಯದಾಗಿರುವುದರಿಂದ ಟ್ಯಾಂಕ್ ಸುತ್ತ ಕ್ಲೀನ್ ಮಾಡಿಸಲಾಗಿದೆ. ಅಲ್ಲದೆ ಅವರಿಗೆ ಸೇಫ್ಟಿ ಕಿಟ್ ಕೊಟ್ಟಿದ್ದರೂ ಬಳಸಿಕೊಂಡಿಲ್ಲ. ಕಡ್ಡಾಯವಾಗಿ ಪೌರಕಾರ್ಮಿಕರೆಲ್ಲರೂ ಸೇಫ್ಟಿ ಕಿಟ್ ಬಳಸಲು ಸೂಚಿಸುತ್ತೇನೆ.

ತೂಕ್ಯನಾಯ್ಕ
ಪಿಡಿಒ, ಗ್ರಾಮ ಪಂಚಾಯ್ತಿ, ಬರಕನಹಳ್ಳಿ
ಮನಸೂರೆಗೊಂಡ ಭರತನಾಟ್ಯ
ಹುಳಿಯಾರು: ಹುಳಿಯಾರು ಪ್ರಸನ್ನ ಗಣಪತಿ ದೇವಸ್ಥಾನದಲ್ಲಿ 75 ನೇ ವರ್ಷದ ಗಣೇಶೋತ್ಸವದ ಅಂಗವಾಗಿ ಕನಕಪ್ರಿಯ ನಾಟ್ಯ ಕಲಾ ಕೇಂದ್ರದಿಂದ ಏರ್ಪಡಿಸಿದ್ದ ಭರತನಾಟ್ಯ ಪ್ರದರ್ಶನವು ನೋಡುಗರ ಮನ ಸೂರೆಗೊಂಡಿತ್ತು. ಭಾವ ರಾಗ ತಾಳಪೂರಿತವಾದ ನೃತ್ಯ ಬಂದ ಭರತನಾಟ್ಯ ಪದ್ಧತಿಯಲ್ಲಿ ಮೊದಲು ರಂಗಕ್ಕೆ ಪುಷ್ಪವನ್ನು ಅರ್ಪಿಸಿ ರಂಗಾದಿ ದೇವತೆಗಳನ್ನು ಸ್ಮರಿಸಿ ನಾವು ಮಾಡುವ ಕಾರ್ಯದಲ್ಲಿ ಯಾವುದೇ ವಿಘ್ನ ಬಾರದಿರಲಿ ಎಂದು ವಿನಾಯಕನನ್ನು ಕುರಿತು ಹುಳಿಯಾರಿನ ಮಕ್ಕಳು ಪುಷ್ಪಾಂಜಲಿಯನ್ನು ನೃತ್ಯ ಮಾಡಿದರು. ನಂತರ ಒಡಿಸ್ಸಿ ಪದ್ಧತಿಯಲ್ಲಿ ಒಡಿಸ್ಸಿ ನೃತ್ಯ ಕಲಾವಿದೆ ಗುರು ವಿದುಷಿ ರಾ ಸೌಮ್ಯ ರಂಗಸ್ವಾಮಿ ಅವರು ನೃತ್ಯ ಪ್ರದರ್ಶನ ನೀಡಿದರು. ಹಿರಿಯ ಮಕ್ಕಳು ಪುರಂದರ ದಾಸರ ಗಜವದನ ಬೇಡುವೆ, ಕನಕದಾಸರ ಯಾದವರಾಯ ಬೃಂದಾವನಗಳು ನೃತ್ಯ ಪ್ರದರ್ಶನ ಮಾಡಿದರು. ಕೊನೆಯಾಗಿ ಮಂಗಳಾಚಾರಣ ನೃತ್ಯದೊಂದಿಗೆ ಕಾರ್ಯಕ್ರಮ ಮುಕ್ತಾಯವಾಯಿತು. ಹುಳಿಯಾರು ಪ್ರಸನ್ನ ಗಣಪತಿ ದೇವಸ್ಥಾನದಲ್ಲಿ 75 ನೇ ವರ್ಷದ ಗಣೇಶೋತ್ಸವದ ಅಂಗವಾಗಿ ಕನಕಪ್ರಿಯ ನಾಟ್ಯ ಕಲಾ ಕೇಂದ್ರದಿಂದ ಏರ್ಪಡಿಸಿದ್ದ ಭರತನಾಟ್ಯ ಪ್ರದರ್ಶನವು ನೋಡುಗರ ಮನ ಸೂರೆಗೊಂಡಿತ್ತು. ಭಾವ ರಾಗ ತಾಳಪೂರಿತವಾದ ನೃತ್ಯ ಬಂದ ಭರತನಾಟ್ಯ ಪದ್ಧತಿಯಲ್ಲಿ ಮೊದಲು ರಂಗಕ್ಕೆ ಪುಷ್ಪವನ್ನು ಅರ್ಪಿಸಿ ರಂಗಾದಿ ದೇವತೆಗಳನ್ನು ಸ್ಮರಿಸಿ ನಾವು ಮಾಡುವ ಕಾರ್ಯದಲ್ಲಿ ಯಾವುದೇ ವಿಘ್ನ ಬಾರದಿರಲಿ ಎಂದು ವಿನಾಯಕನನ್ನು ಕುರಿತು ಹುಳಿಯಾರಿನ ಮಕ್ಕಳು ಪುಷ್ಪಾಂಜಲಿಯನ್ನು ನೃತ್ಯ ಮಾಡಿದರು. ನಂತರ ಒಡಿಸ್ಸಿ ಪದ್ಧತಿಯಲ್ಲಿ ಒಡಿಸ್ಸಿ ನೃತ್ಯ ಕಲಾವಿದೆ ಗುರು ವಿದುಷಿ ರಾ ಸೌಮ್ಯ ರಂಗಸ್ವಾಮಿ ಅವರು ನೃತ್ಯ ಪ್ರದರ್ಶನ ನೀಡಿದರು. ಹಿರಿಯ ಮಕ್ಕಳು ಪುರಂದರ ದಾಸರ ಗಜವದನ ಬೇಡುವೆ, ಕನಕದಾಸರ ಯಾದವರಾಯ ಬೃಂದಾವನಗಳು ನೃತ್ಯ ಪ್ರದರ್ಶನ ಮಾಡಿದರು. ಕೊನೆಯಾಗಿ ಮಂಗಳಾಚಾರಣ ನೃತ್ಯದೊಂದಿಗೆ ಕಾರ್ಯಕ್ರಮ ಮುಕ್ತಾಯವಾಯಿತು.
